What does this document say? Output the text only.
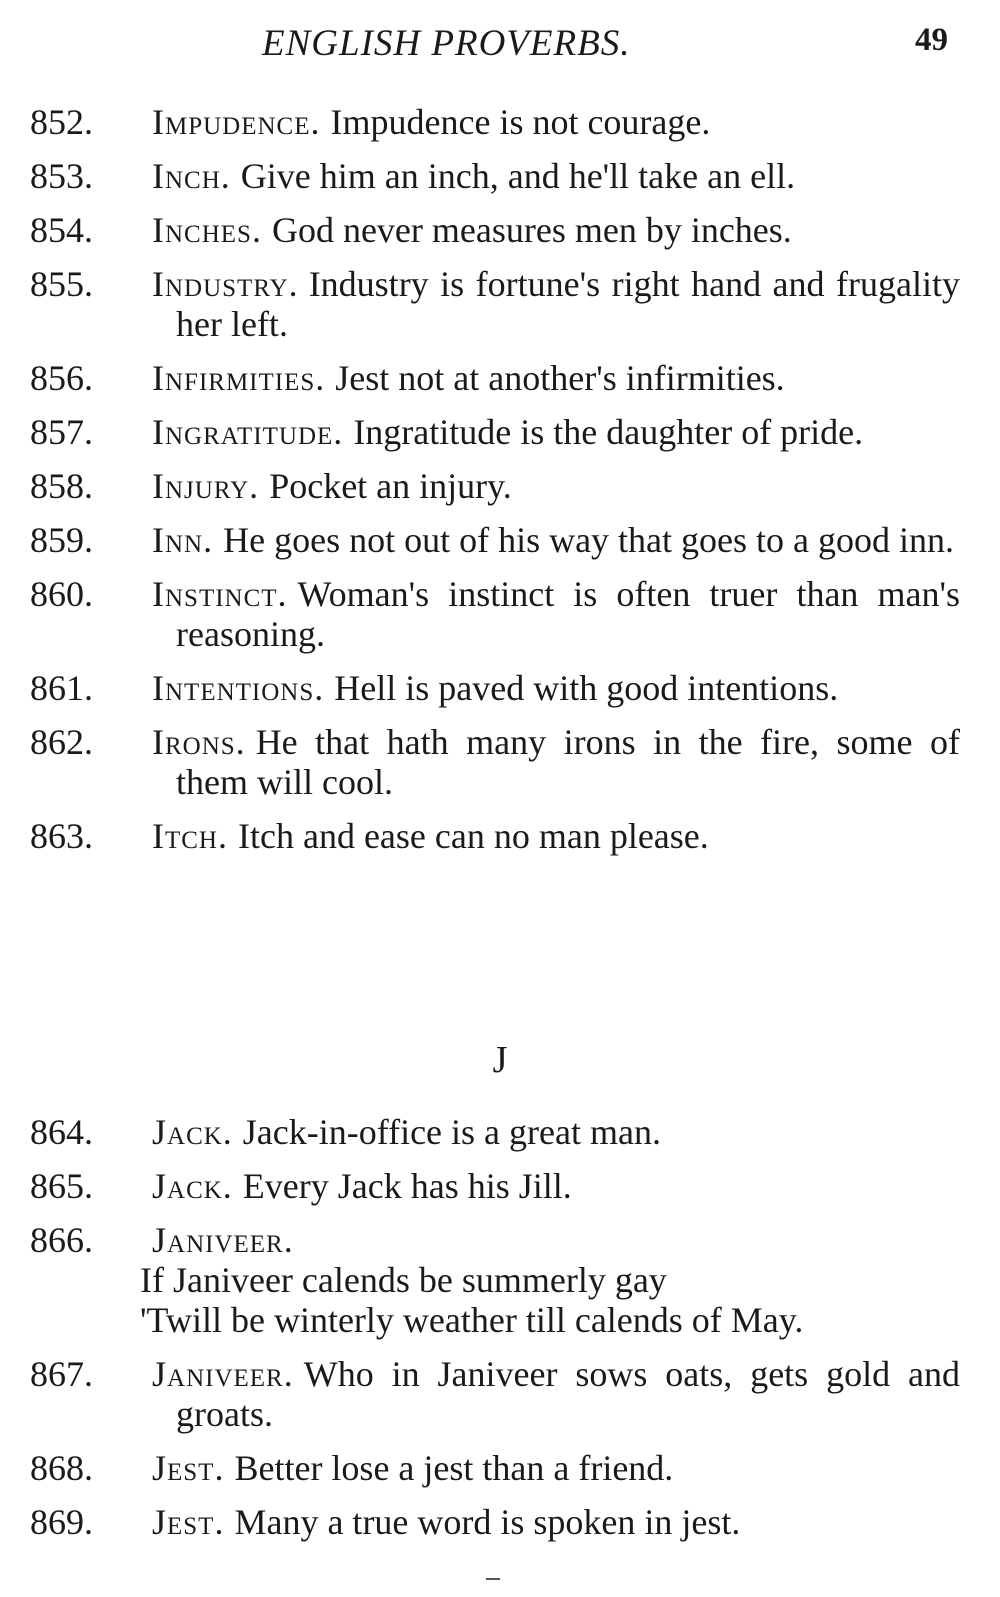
ENGLISH PROVERBS.	49
852.	Impudence. Impudence is not courage.
853.	Inch. Give him an inch, and he'll take an ell.
854.	Inches. God never measures men by inches.
855.	Industry. Industry is fortune's right hand and frugality her left.
856.	Infirmities. Jest not at another's infirmities.
857.	Ingratitude. Ingratitude is the daughter of pride.
858.	Injury. Pocket an injury.
859.	Inn. He goes not out of his way that goes to a good inn.
860.	Instinct. Woman's instinct is often truer than man's reasoning.
861.	Intentions. Hell is paved with good intentions.
862.	Irons. He that hath many irons in the fire, some of them will cool.
863.	Itch. Itch and ease can no man please.
J
864.	Jack. Jack-in-office is a great man.
865.	Jack. Every Jack has his Jill.
866.	Janiveer.
If Janiveer calends be summerly gay
'Twill be winterly weather till calends of May.
867.	Janiveer. Who in Janiveer sows oats, gets gold and groats.
868.	Jest. Better lose a jest than a friend.
869.	Jest. Many a true word is spoken in jest.
